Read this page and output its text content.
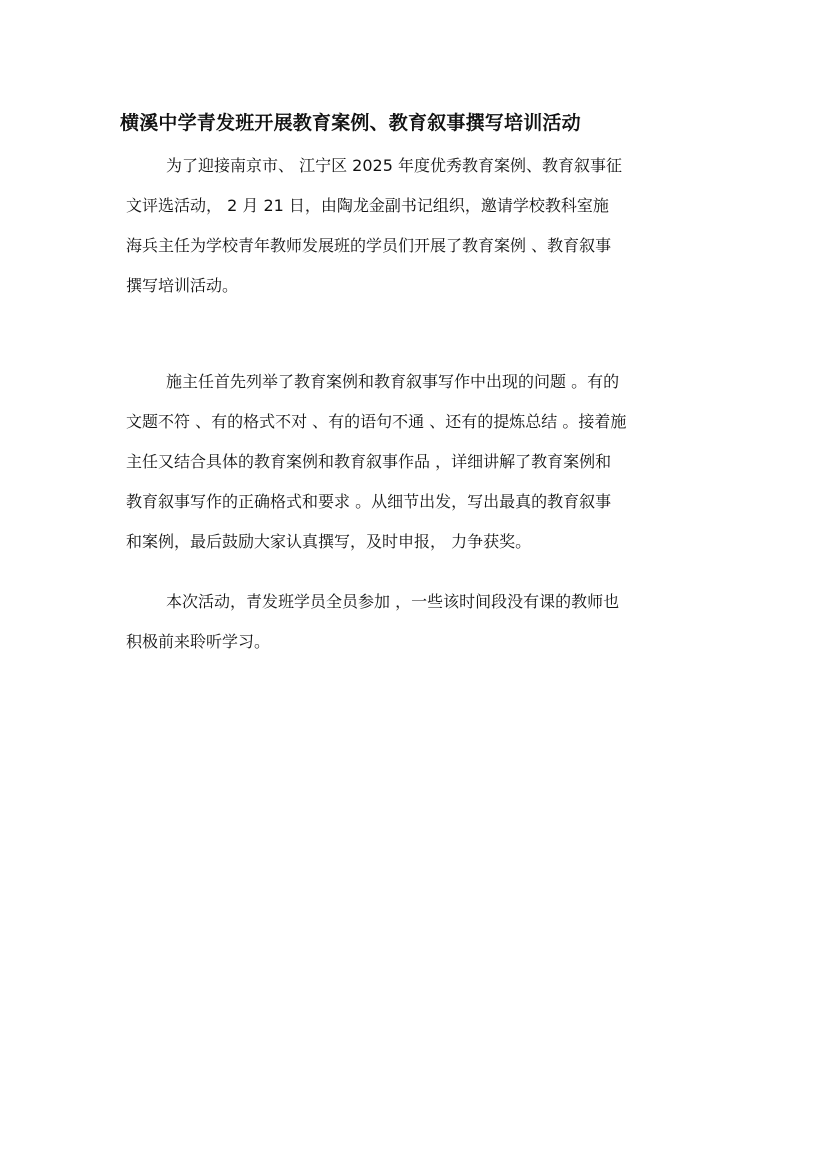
横溪中学青发班开展教育案例、教育叙事撰写培训活动
为了迎接南京市、 江宁区 2025 年度优秀教育案例、教育叙事征
文评选活动， 2 月 21 日，由陶龙金副书记组织，邀请学校教科室施
海兵主任为学校青年教师发展班的学员们开展了教育案例 、教育叙事
撰写培训活动。
施主任首先列举了教育案例和教育叙事写作中出现的问题 。有的
文题不符 、有的格式不对 、有的语句不通 、还有的提炼总结 。接着施
主任又结合具体的教育案例和教育叙事作品 ，详细讲解了教育案例和
教育叙事写作的正确格式和要求 。从细节出发，写出最真的教育叙事
和案例，最后鼓励大家认真撰写，及时申报， 力争获奖。
本次活动，青发班学员全员参加 ，一些该时间段没有课的教师也
积极前来聆听学习。
